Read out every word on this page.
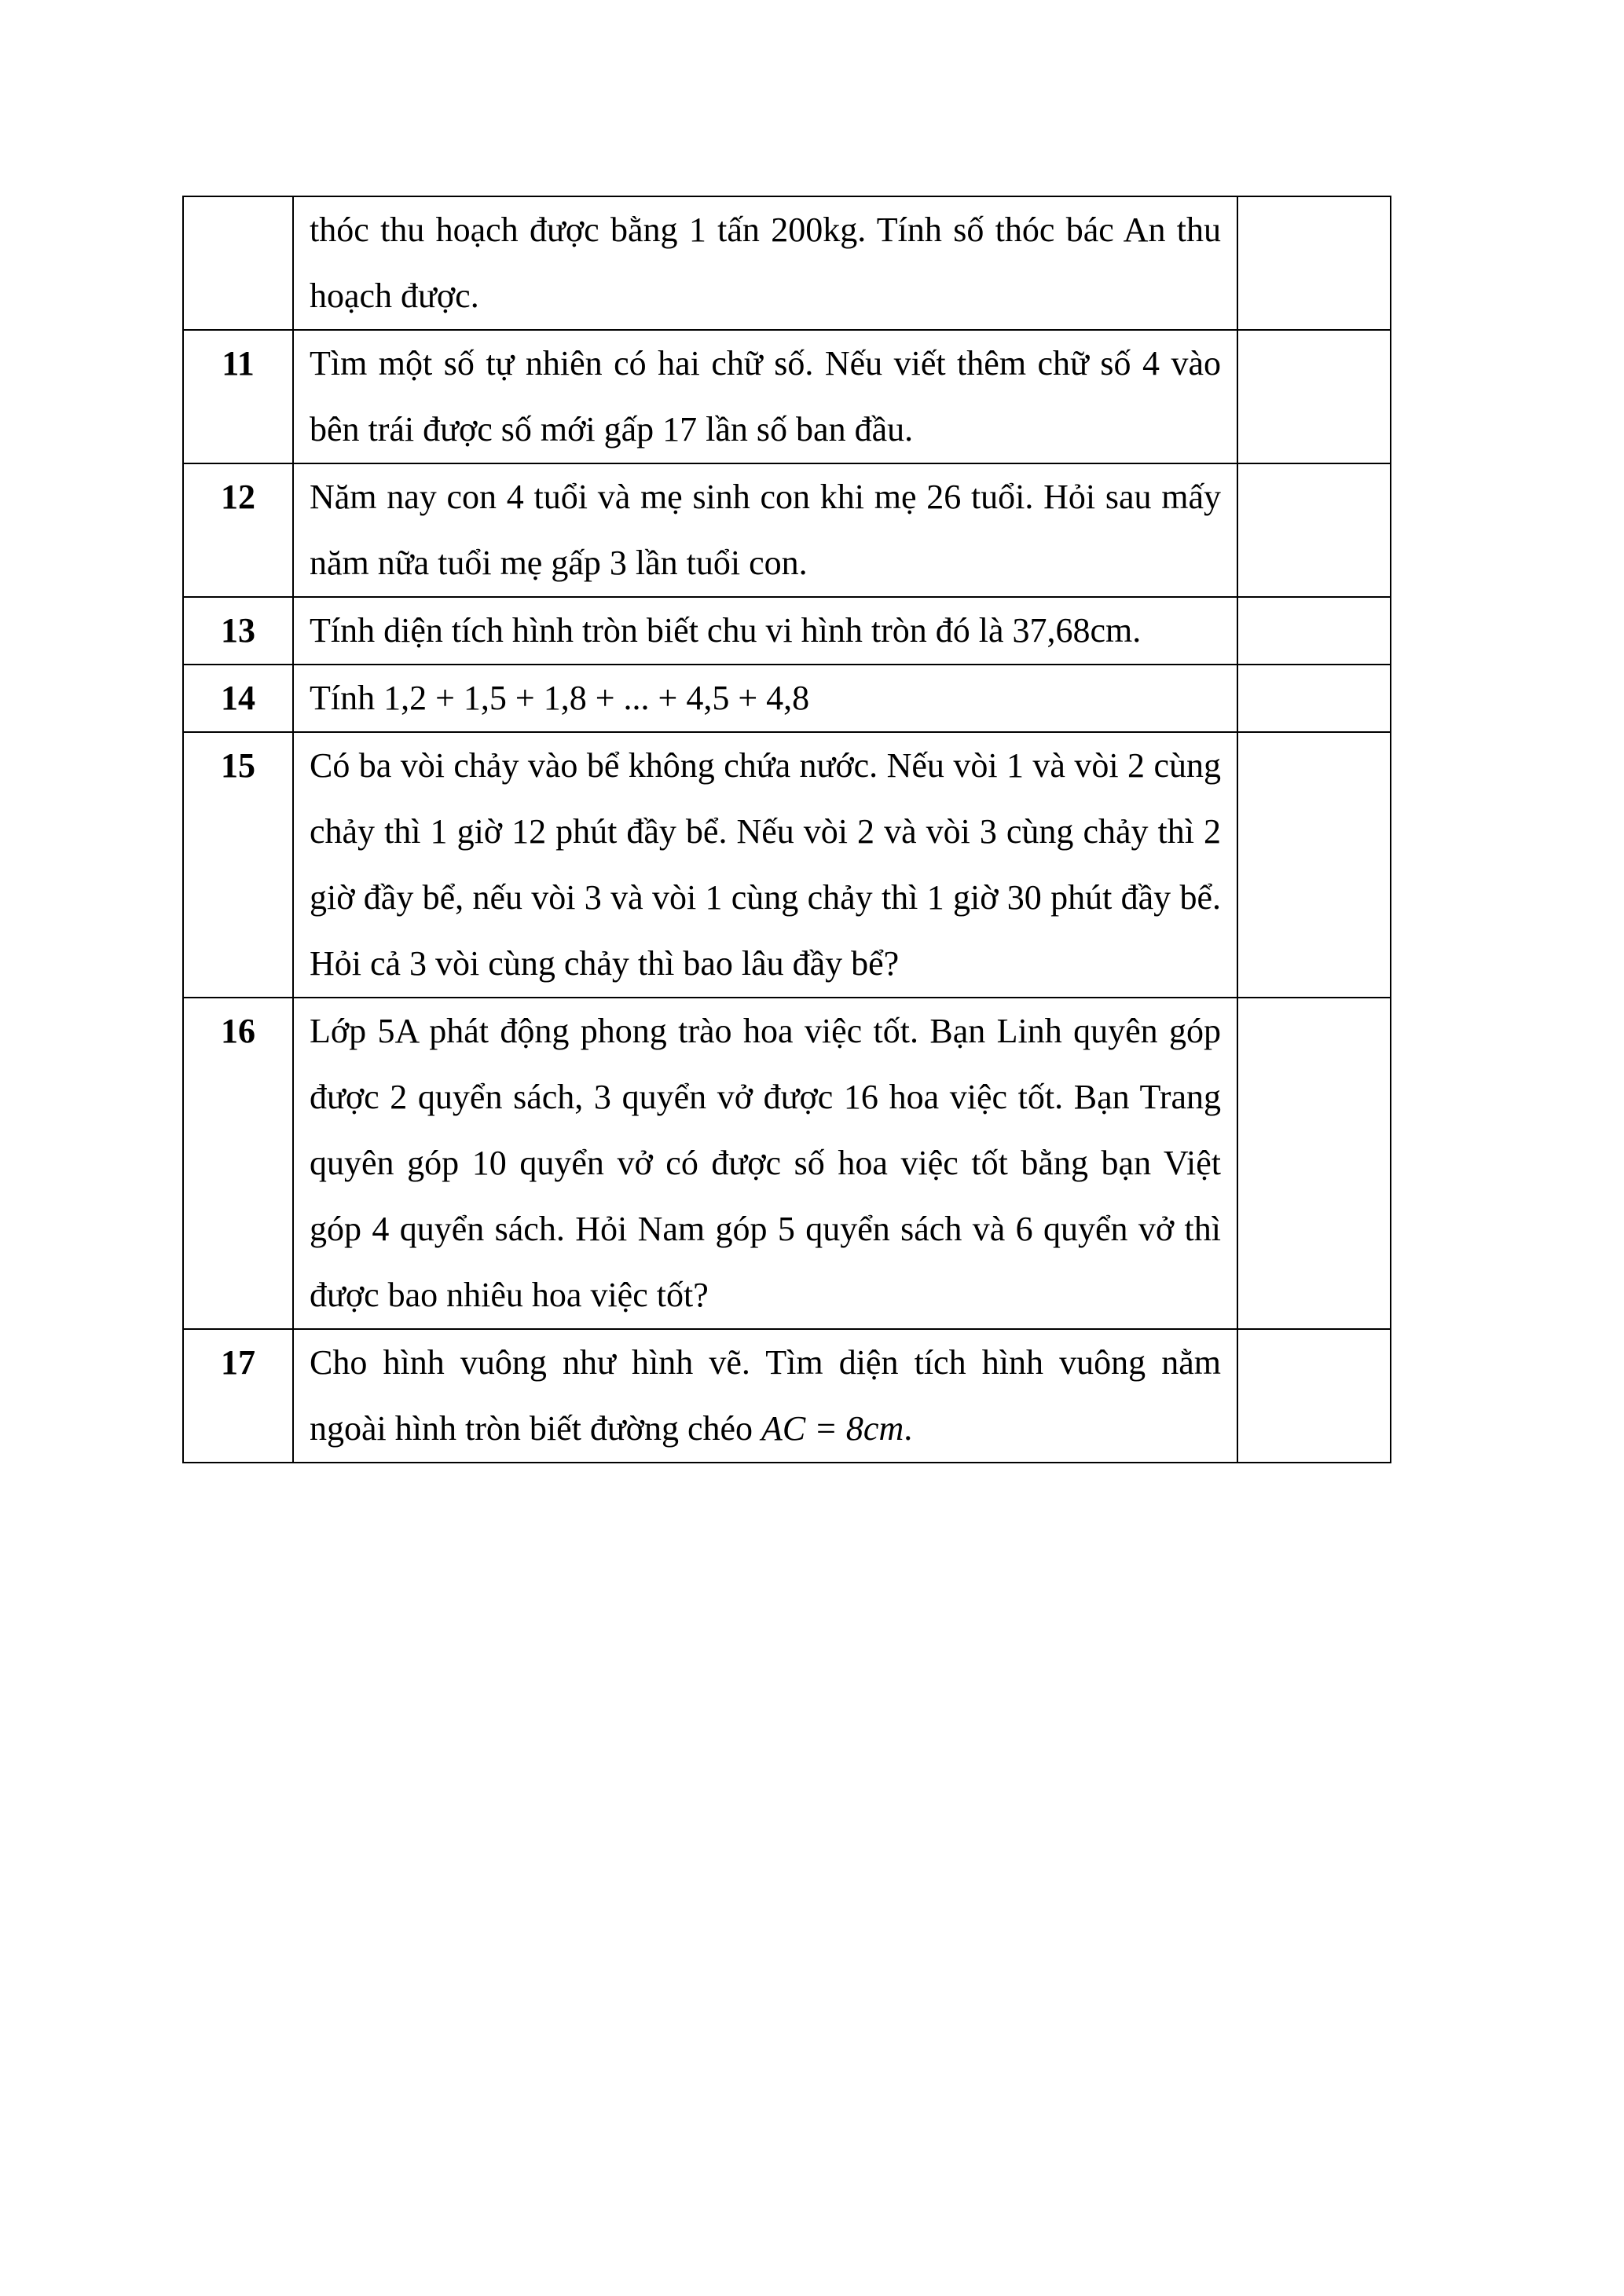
	thóc thu hoạch được bằng 1 tấn 200kg. Tính số thóc bác An thu hoạch được.	
11	Tìm một số tự nhiên có hai chữ số. Nếu viết thêm chữ số 4 vào bên trái được số mới gấp 17 lần số ban đầu.	
12	Năm nay con 4 tuổi và mẹ sinh con khi mẹ 26 tuổi. Hỏi sau mấy năm nữa tuổi mẹ gấp 3 lần tuổi con.	
13	Tính diện tích hình tròn biết chu vi hình tròn đó là 37,68cm.	
14	Tính 1,2 + 1,5 + 1,8 + ... + 4,5 + 4,8	
15	Có ba vòi chảy vào bể không chứa nước. Nếu vòi 1 và vòi 2 cùng chảy thì 1 giờ 12 phút đầy bể. Nếu vòi 2 và vòi 3 cùng chảy thì 2 giờ đầy bể, nếu vòi 3 và vòi 1 cùng chảy thì 1 giờ 30 phút đầy bể. Hỏi cả 3 vòi cùng chảy thì bao lâu đầy bể?	
16	Lớp 5A phát động phong trào hoa việc tốt. Bạn Linh quyên góp được 2 quyển sách, 3 quyển vở được 16 hoa việc tốt. Bạn Trang quyên góp 10 quyển vở có được số hoa việc tốt bằng bạn Việt góp 4 quyển sách. Hỏi Nam góp 5 quyển sách và 6 quyển vở thì được bao nhiêu hoa việc tốt?	
17	Cho hình vuông như hình vẽ. Tìm diện tích hình vuông nằm ngoài hình tròn biết đường chéo AC = 8cm.	
